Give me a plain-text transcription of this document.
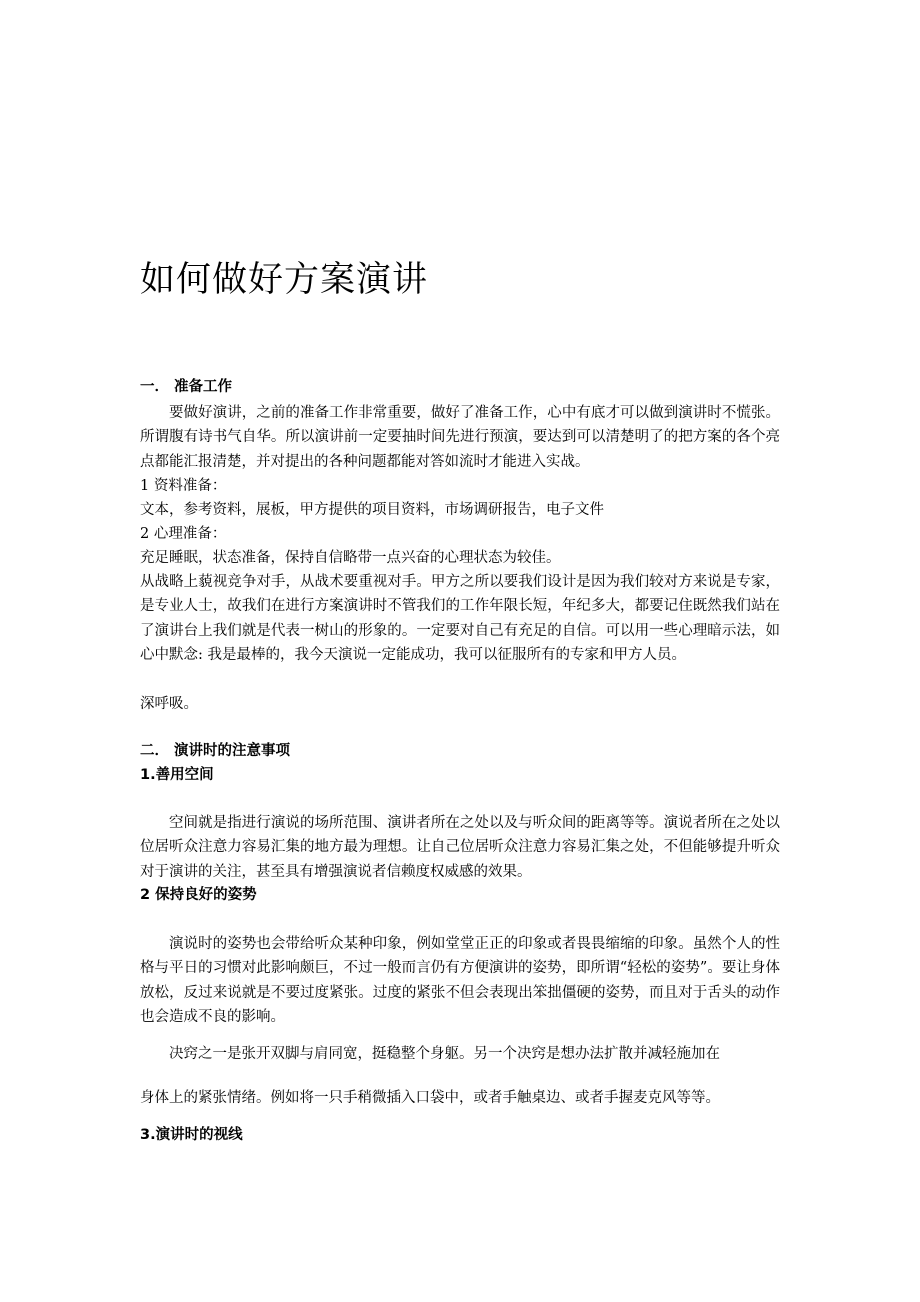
如何做好方案演讲

一． 准备工作

要做好演讲，之前的准备工作非常重要，做好了准备工作，心中有底才可以做到演讲时不慌张。所谓腹有诗书气自华。所以演讲前一定要抽时间先进行预演，要达到可以清楚明了的把方案的各个亮点都能汇报清楚，并对提出的各种问题都能对答如流时才能进入实战。

1 资料准备：

文本，参考资料，展板，甲方提供的项目资料，市场调研报告，电子文件

2 心理准备：

充足睡眠，状态准备，保持自信略带一点兴奋的心理状态为较佳。

从战略上藐视竞争对手，从战术要重视对手。甲方之所以要我们设计是因为我们较对方来说是专家，是专业人士，故我们在进行方案演讲时不管我们的工作年限长短，年纪多大，都要记住既然我们站在了演讲台上我们就是代表一树山的形象的。一定要对自己有充足的自信。可以用一些心理暗示法，如心中默念: 我是最棒的，我今天演说一定能成功，我可以征服所有的专家和甲方人员。

深呼吸。

二． 演讲时的注意事项

1.善用空间

空间就是指进行演说的场所范围、演讲者所在之处以及与听众间的距离等等。演说者所在之处以位居听众注意力容易汇集的地方最为理想。让自己位居听众注意力容易汇集之处，不但能够提升听众对于演讲的关注，甚至具有增强演说者信赖度权威感的效果。

2 保持良好的姿势

演说时的姿势也会带给听众某种印象，例如堂堂正正的印象或者畏畏缩缩的印象。虽然个人的性格与平日的习惯对此影响颇巨，不过一般而言仍有方便演讲的姿势，即所谓“轻松的姿势”。要让身体放松，反过来说就是不要过度紧张。过度的紧张不但会表现出笨拙僵硬的姿势，而且对于舌头的动作也会造成不良的影响。

决窍之一是张开双脚与肩同宽，挺稳整个身躯。另一个决窍是想办法扩散并减轻施加在

身体上的紧张情绪。例如将一只手稍微插入口袋中，或者手触桌边、或者手握麦克风等等。

3.演讲时的视线
